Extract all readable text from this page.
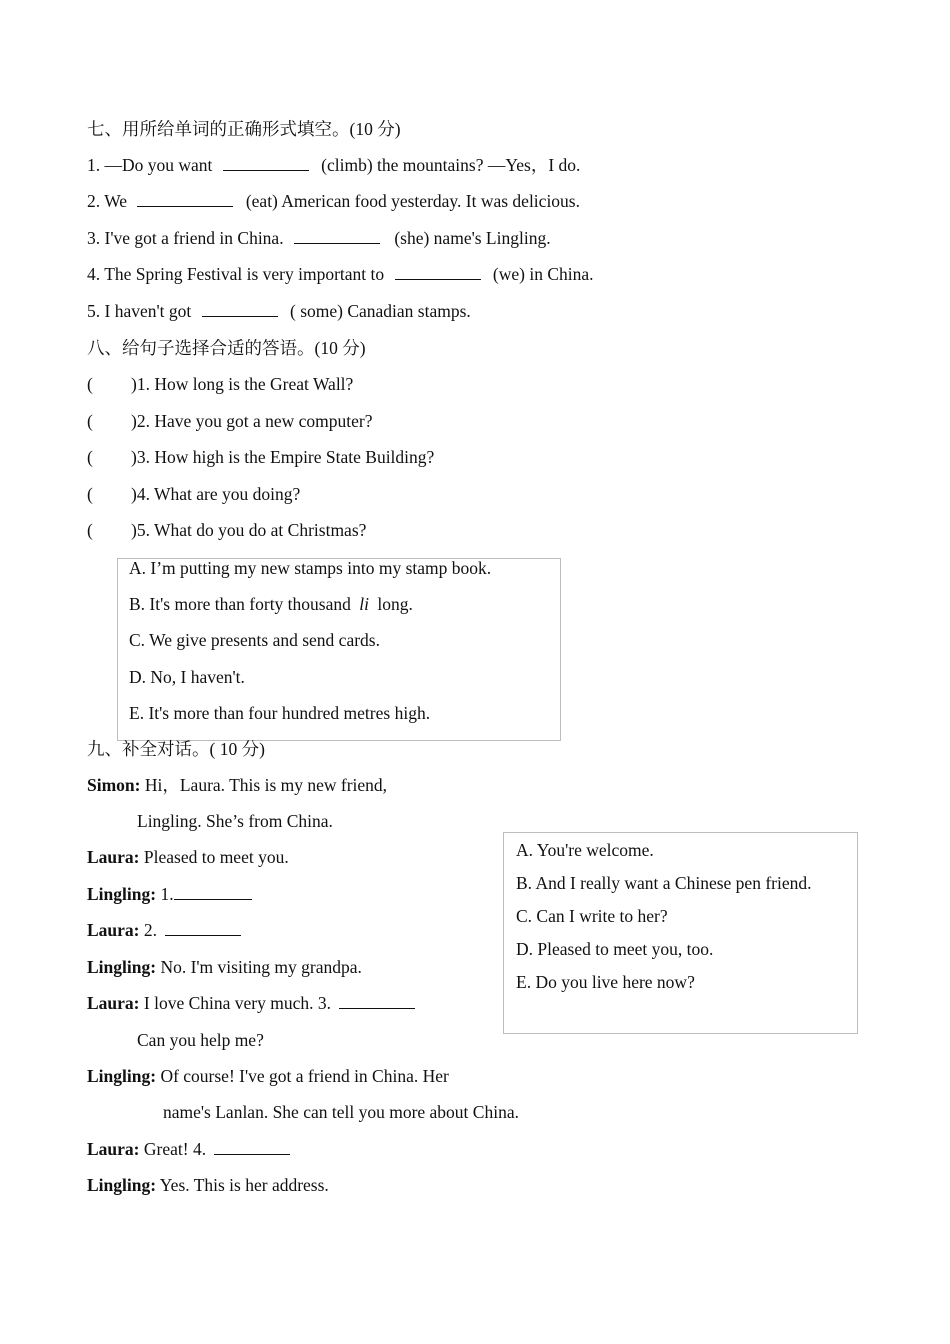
七、用所给单词的正确形式填空。(10 分)
1. —Do you want	(climb) the mountains? —Yes，I do.
2. We	(eat) American food yesterday. It was delicious.
3. I've got a friend in China.	(she) name's Lingling.
4. The Spring Festival is very important to	(we) in China.
5. I haven't got	( some) Canadian stamps.
八、给句子选择合适的答语。(10 分)
( )1. How long is the Great Wall?
( )2. Have you got a new computer?
( )3. How high is the Empire State Building?
( )4. What are you doing?
( )5. What do you do at Christmas?
A. I’m putting my new stamps into my stamp book.
B. It's more than forty thousand li long.
C. We give presents and send cards.
D. No, I haven't.
E. It's more than four hundred metres high.
九、补全对话。( 10 分)
Simon: Hi，Laura. This is my new friend,
Lingling. She’s from China.
Laura: Pleased to meet you.
Lingling: 1.
Laura: 2.
Lingling: No. I'm visiting my grandpa.
Laura: I love China very much. 3.
Can you help me?
Lingling: Of course! I've got a friend in China. Her
name's Lanlan. She can tell you more about China.
Laura: Great! 4.
Lingling: Yes. This is her address.
A. You're welcome.
B. And I really want a Chinese pen friend.
C. Can I write to her?
D. Pleased to meet you, too.
E. Do you live here now?
